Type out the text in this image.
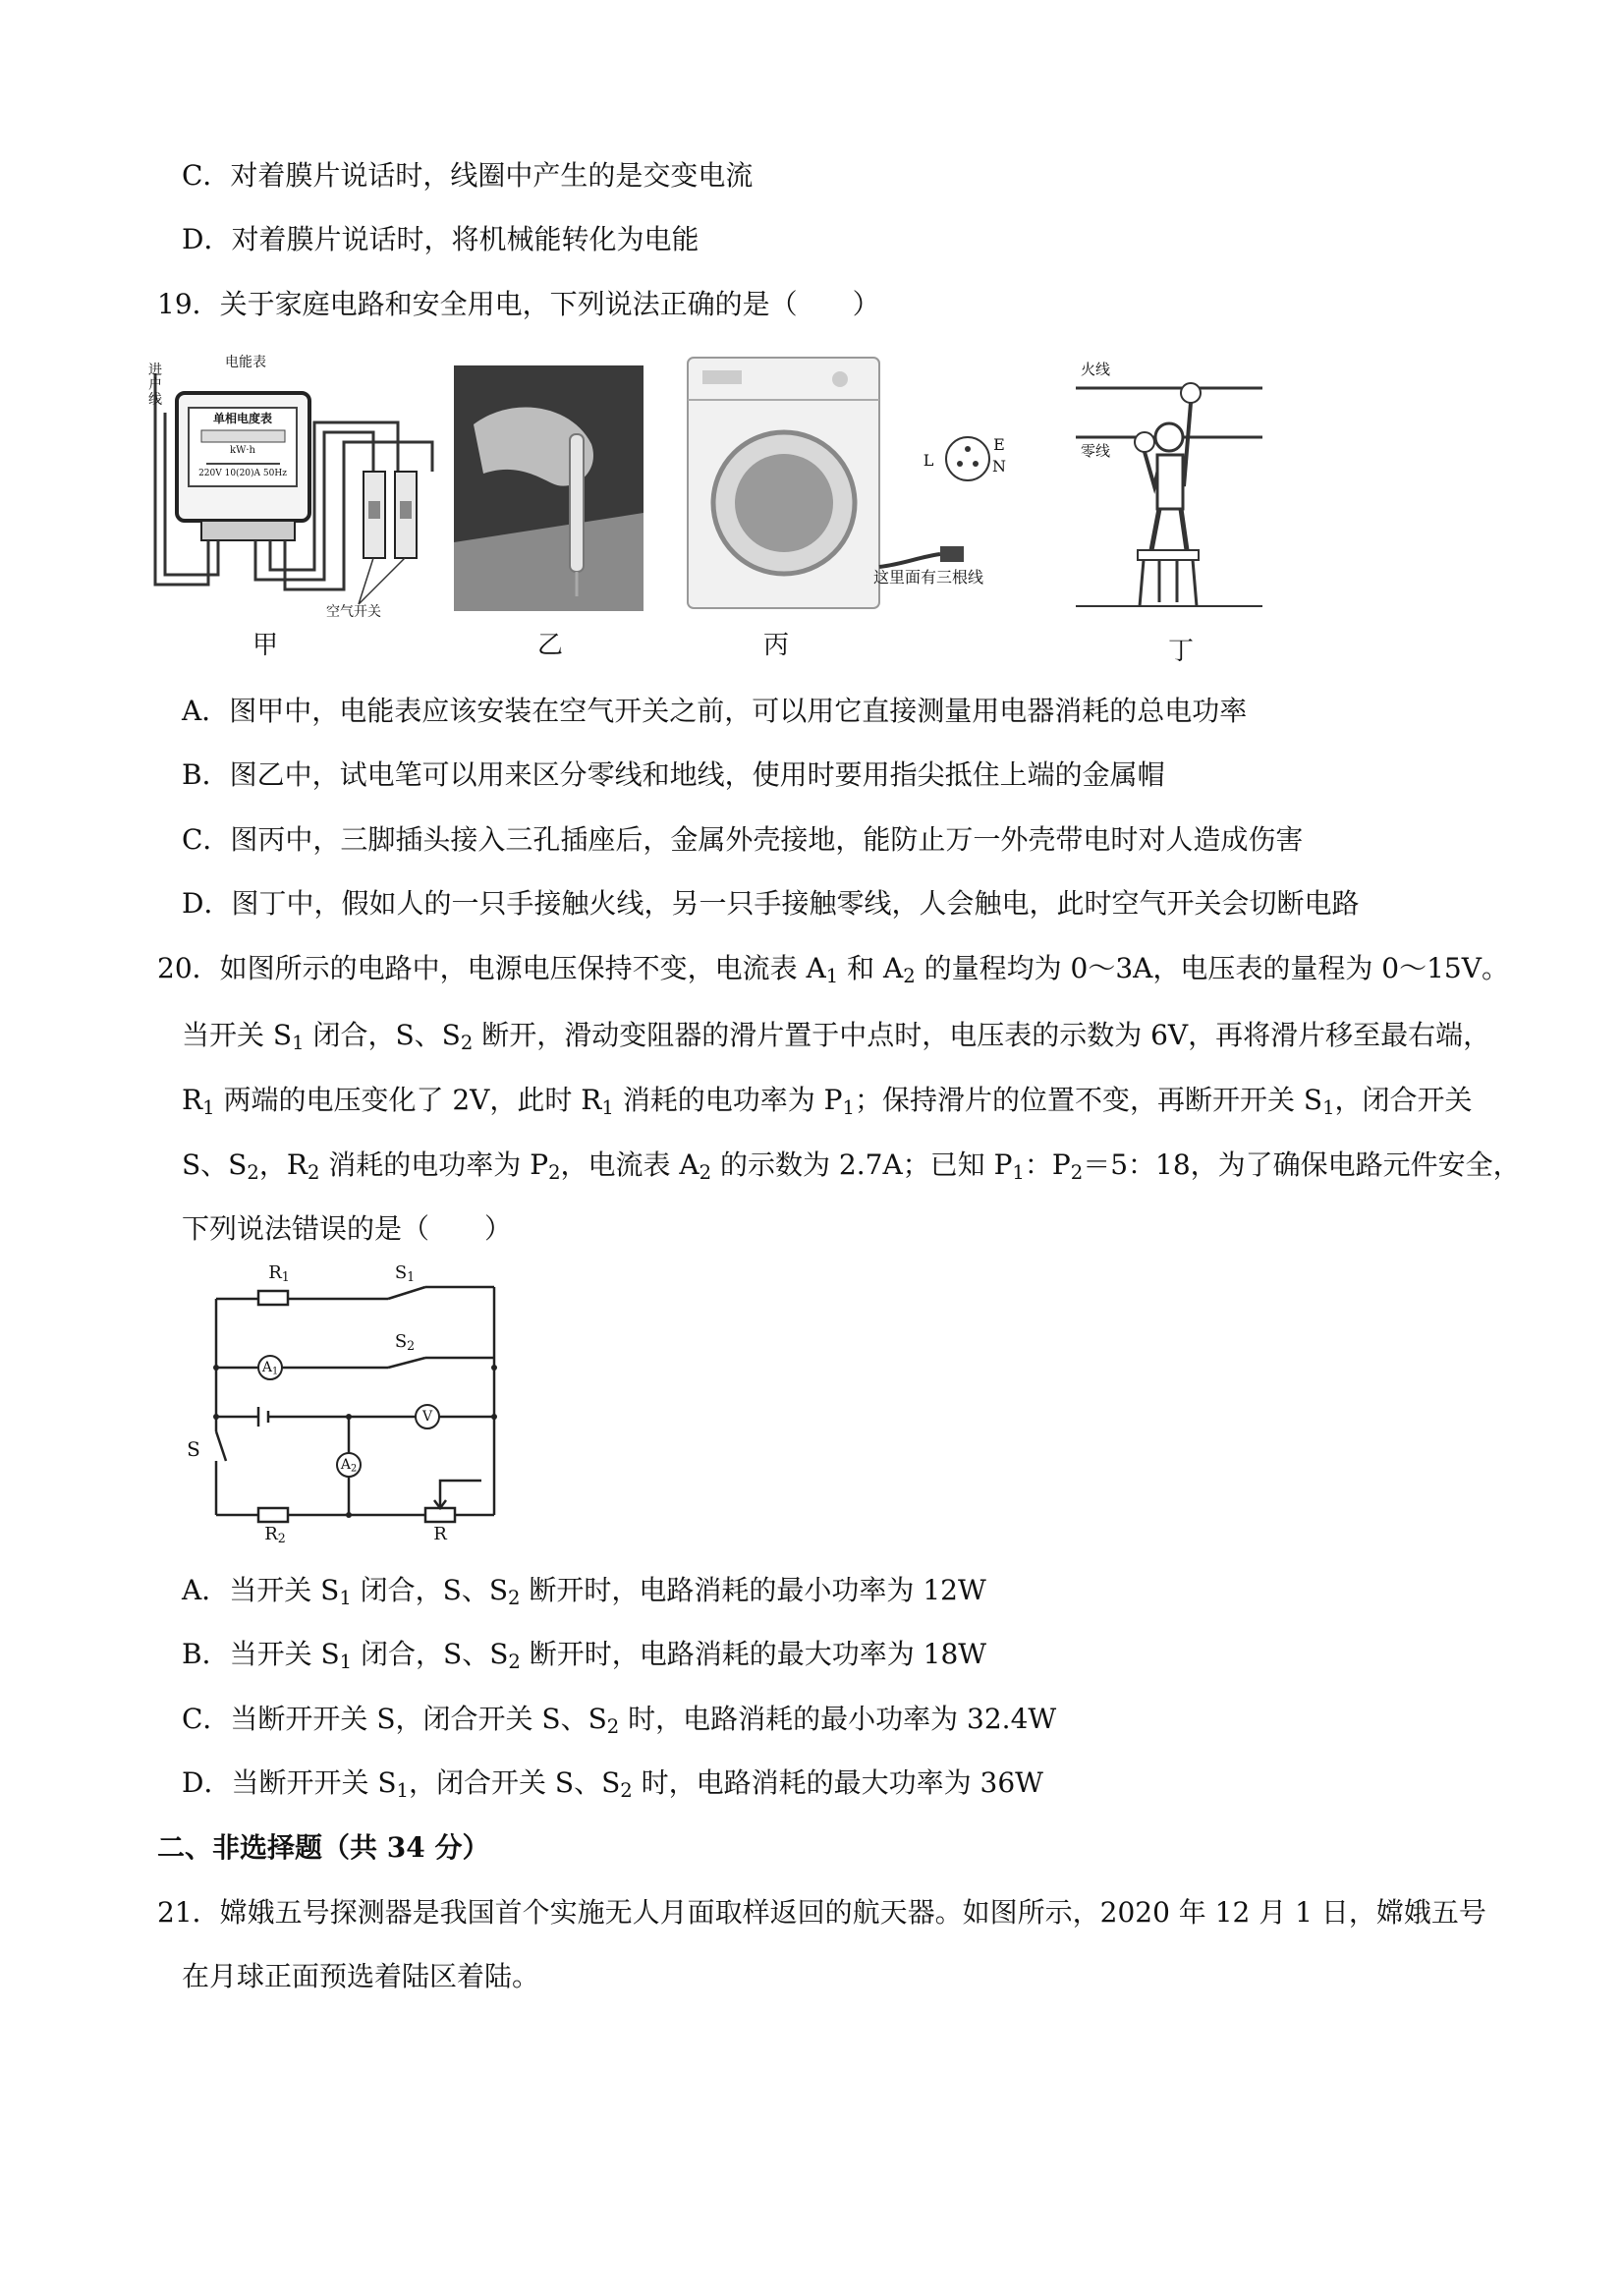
C．对着膜片说话时，线圈中产生的是交变电流
D．对着膜片说话时，将机械能转化为电能
19．关于家庭电路和安全用电，下列说法正确的是（　　）
进户线
电能表
单相电度表
kW·h
220V 10(20)A 50Hz
空气开关
甲	乙
L
E
N
这里面有三根线
丙
火线
零线
丁
A．图甲中，电能表应该安装在空气开关之前，可以用它直接测量用电器消耗的总电功率
B．图乙中，试电笔可以用来区分零线和地线，使用时要用指尖抵住上端的金属帽
C．图丙中，三脚插头接入三孔插座后，金属外壳接地，能防止万一外壳带电时对人造成伤害
D．图丁中，假如人的一只手接触火线，另一只手接触零线，人会触电，此时空气开关会切断电路
20．如图所示的电路中，电源电压保持不变，电流表 $A_1$ 和 $A_2$ 的量程均为 0～3A，电压表的量程为 0～15V。
当开关 $S_1$ 闭合，S、$S_2$ 断开，滑动变阻器的滑片置于中点时，电压表的示数为 6V，再将滑片移至最右端，
$R_1$ 两端的电压变化了 2V，此时 $R_1$ 消耗的电功率为 $P_1$；保持滑片的位置不变，再断开开关 $S_1$，闭合开关
S、$S_2$，$R_2$ 消耗的电功率为 $P_2$，电流表 $A_2$ 的示数为 2.7A；已知 $P_1$：$P_2=5$：18，为了确保电路元件安全，
下列说法错误的是（　　）
$R_1$	$S_1$
$S_2$
$A_1$
V
$A_2$
S
$R_2$	R
A．当开关 $S_1$ 闭合，S、$S_2$ 断开时，电路消耗的最小功率为 12W
B．当开关 $S_1$ 闭合，S、$S_2$ 断开时，电路消耗的最大功率为 18W
C．当断开开关 S，闭合开关 S、$S_2$ 时，电路消耗的最小功率为 32.4W
D．当断开开关 $S_1$，闭合开关 S、$S_2$ 时，电路消耗的最大功率为 36W
二、非选择题（共 34 分）
21．嫦娥五号探测器是我国首个实施无人月面取样返回的航天器。如图所示，2020 年 12 月 1 日，嫦娥五号
在月球正面预选着陆区着陆。
